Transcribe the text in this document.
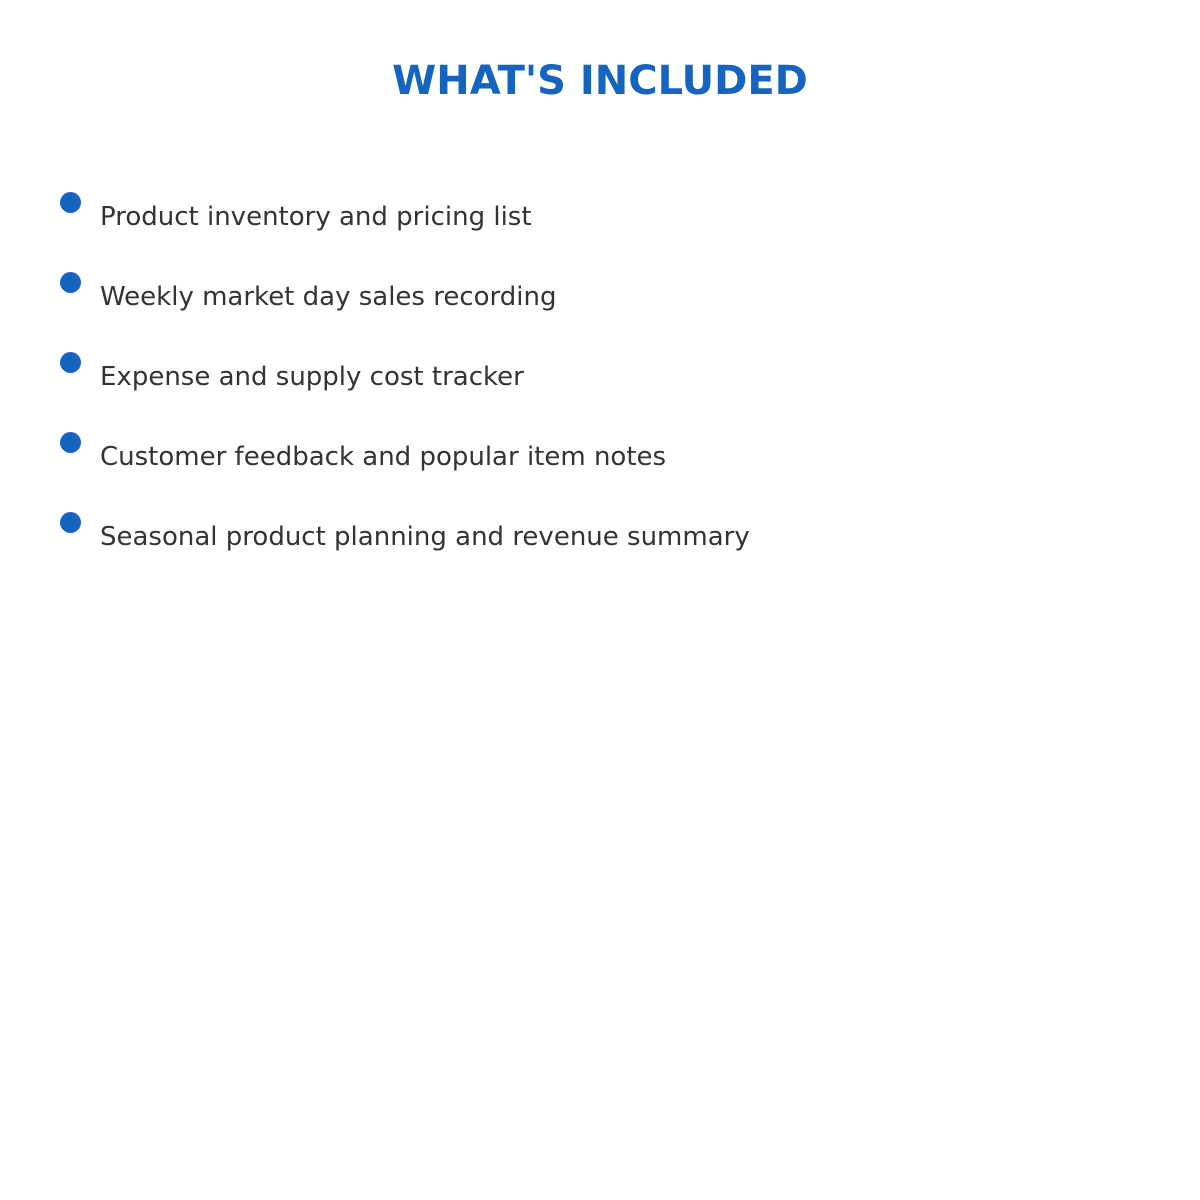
WHAT'S INCLUDED
Product inventory and pricing list
Weekly market day sales recording
Expense and supply cost tracker
Customer feedback and popular item notes
Seasonal product planning and revenue summary
